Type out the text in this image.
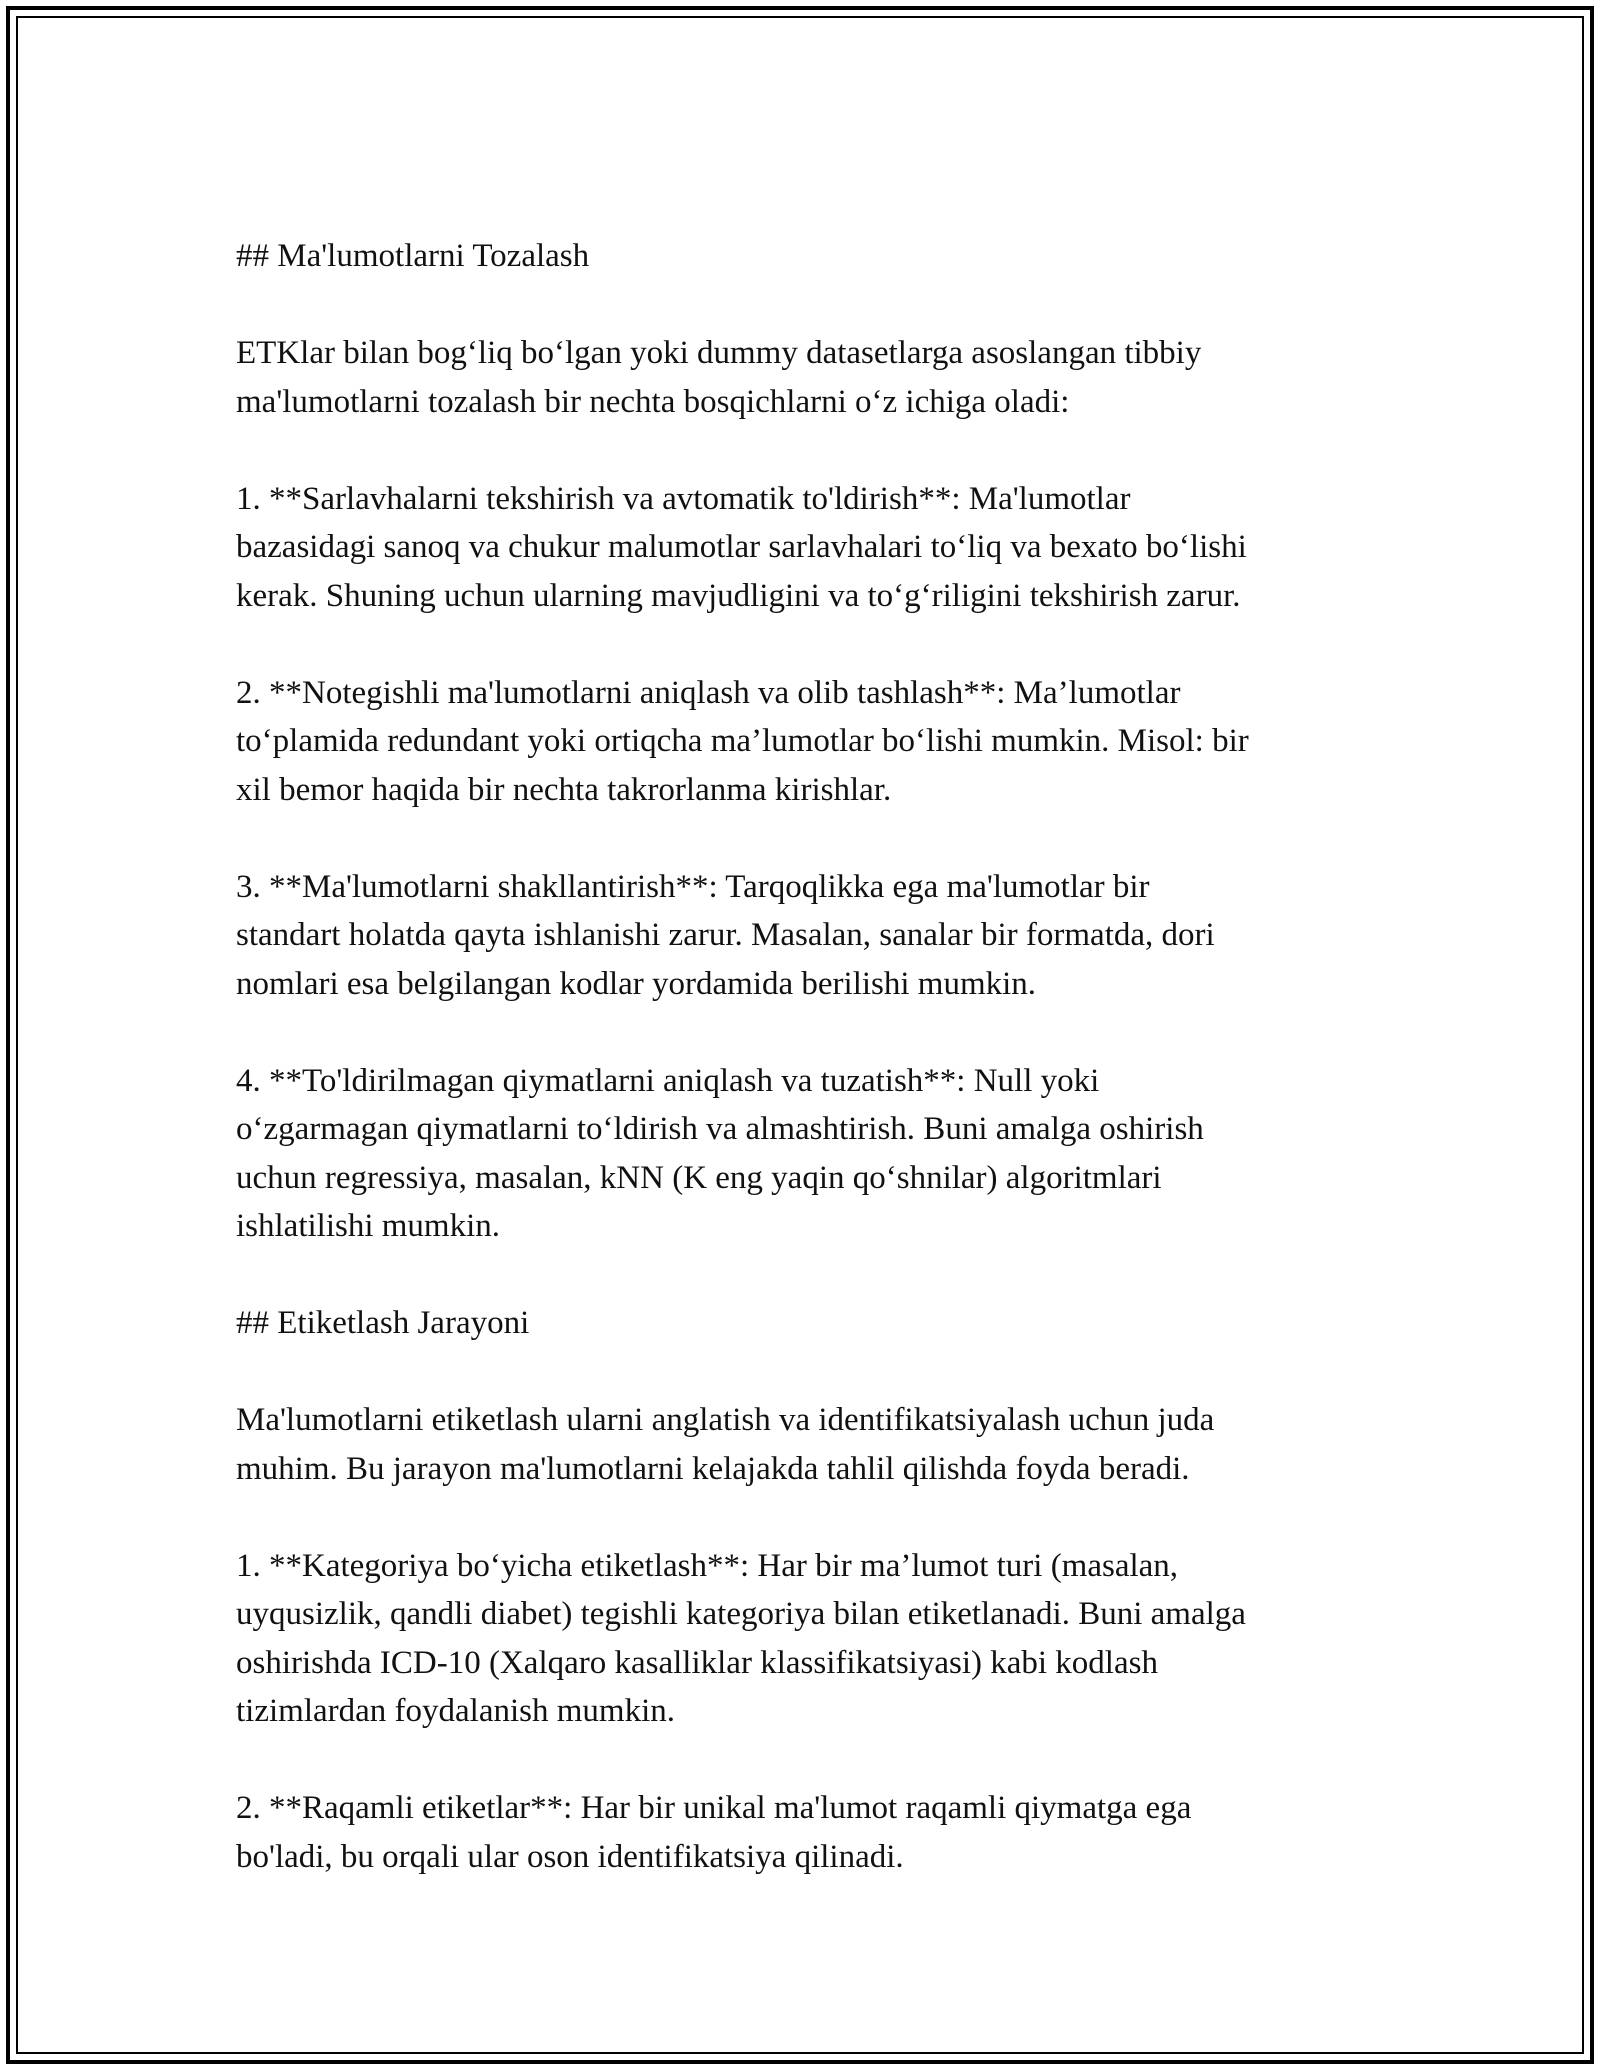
## Ma'lumotlarni Tozalash
ETKlar bilan bog‘liq bo‘lgan yoki dummy datasetlarga asoslangan tibbiy
ma'lumotlarni tozalash bir nechta bosqichlarni o‘z ichiga oladi:
1. **Sarlavhalarni tekshirish va avtomatik to'ldirish**: Ma'lumotlar
bazasidagi sanoq va chukur malumotlar sarlavhalari to‘liq va bexato bo‘lishi
kerak. Shuning uchun ularning mavjudligini va to‘g‘riligini tekshirish zarur.
2. **Notegishli ma'lumotlarni aniqlash va olib tashlash**: Ma’lumotlar
to‘plamida redundant yoki ortiqcha ma’lumotlar bo‘lishi mumkin. Misol: bir
xil bemor haqida bir nechta takrorlanma kirishlar.
3. **Ma'lumotlarni shakllantirish**: Tarqoqlikka ega ma'lumotlar bir
standart holatda qayta ishlanishi zarur. Masalan, sanalar bir formatda, dori
nomlari esa belgilangan kodlar yordamida berilishi mumkin.
4. **To'ldirilmagan qiymatlarni aniqlash va tuzatish**: Null yoki
o‘zgarmagan qiymatlarni to‘ldirish va almashtirish. Buni amalga oshirish
uchun regressiya, masalan, kNN (K eng yaqin qo‘shnilar) algoritmlari
ishlatilishi mumkin.
## Etiketlash Jarayoni
Ma'lumotlarni etiketlash ularni anglatish va identifikatsiyalash uchun juda
muhim. Bu jarayon ma'lumotlarni kelajakda tahlil qilishda foyda beradi.
1. **Kategoriya bo‘yicha etiketlash**: Har bir ma’lumot turi (masalan,
uyqusizlik, qandli diabet) tegishli kategoriya bilan etiketlanadi. Buni amalga
oshirishda ICD-10 (Xalqaro kasalliklar klassifikatsiyasi) kabi kodlash
tizimlardan foydalanish mumkin.
2. **Raqamli etiketlar**: Har bir unikal ma'lumot raqamli qiymatga ega
bo'ladi, bu orqali ular oson identifikatsiya qilinadi.
